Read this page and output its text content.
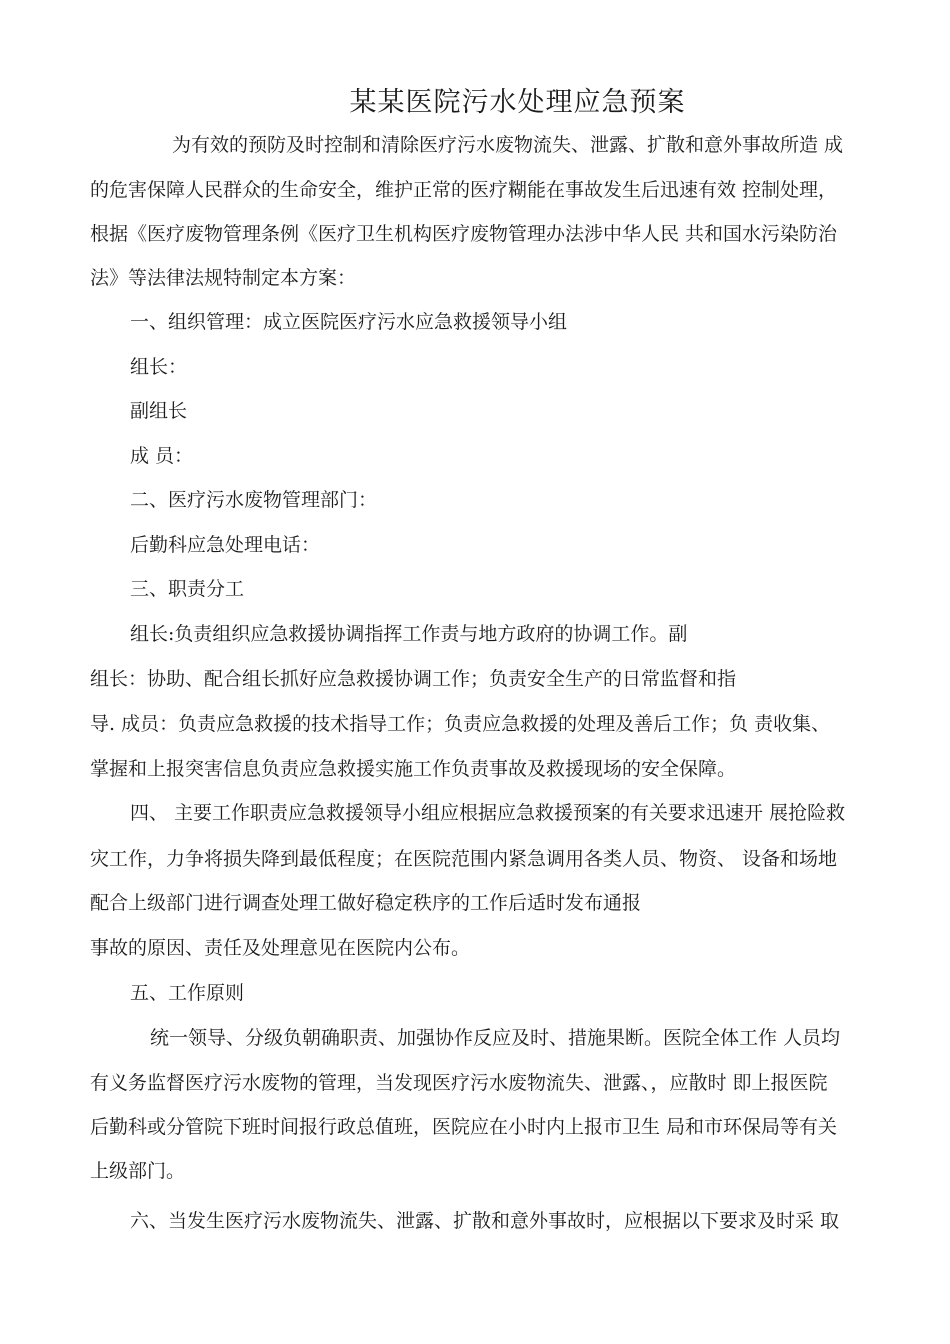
某某医院污水处理应急预案
为有效的预防及时控制和清除医疗污水废物流失、泄露、扩散和意外事故所造 成
的危害保障人民群众的生命安全，维护正常的医疗糊能在事故发生后迅速有效 控制处理，
根据《医疗废物管理条例《医疗卫生机构医疗废物管理办法涉中华人民 共和国水污染防治
法》等法律法规特制定本方案：
一、组织管理：成立医院医疗污水应急救援领导小组
组长：
副组长
成 员：
二、医疗污水废物管理部门：
后勤科应急处理电话：
三、职责分工
组长:负责组织应急救援协调指挥工作责与地方政府的协调工作。副
组长：协助、配合组长抓好应急救援协调工作；负责安全生产的日常监督和指
导. 成员：负责应急救援的技术指导工作；负责应急救援的处理及善后工作；负 责收集、
掌握和上报突害信息负责应急救援实施工作负责事故及救援现场的安全保障。
四、 主要工作职责应急救援领导小组应根据应急救援预案的有关要求迅速开 展抢险救
灾工作，力争将损失降到最低程度；在医院范围内紧急调用各类人员、物资、 设备和场地
配合上级部门进行调查处理工做好稳定秩序的工作后适时发布通报
事故的原因、责任及处理意见在医院内公布。
五、工作原则
统一领导、分级负朝确职责、加强协作反应及时、措施果断。医院全体工作 人员均
有义务监督医疗污水废物的管理，当发现医疗污水废物流失、泄露、，应散时 即上报医院
后勤科或分管院下班时间报行政总值班，医院应在小时内上报市卫生 局和市环保局等有关
上级部门。
六、当发生医疗污水废物流失、泄露、扩散和意外事故时，应根据以下要求及时采 取
